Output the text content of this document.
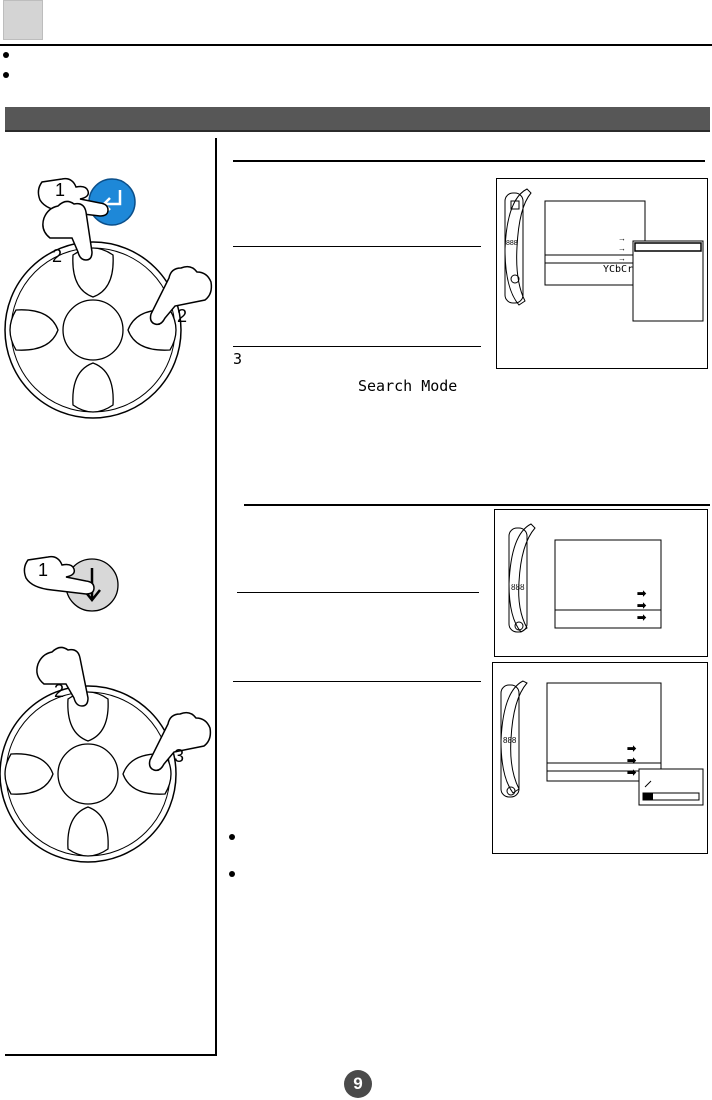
1
2
2
3
Search Mode
888
→
→
→
YCbCr
1
2
3
ȣȣȣ
➡
➡
➡
888
➡
➡
➡
9
